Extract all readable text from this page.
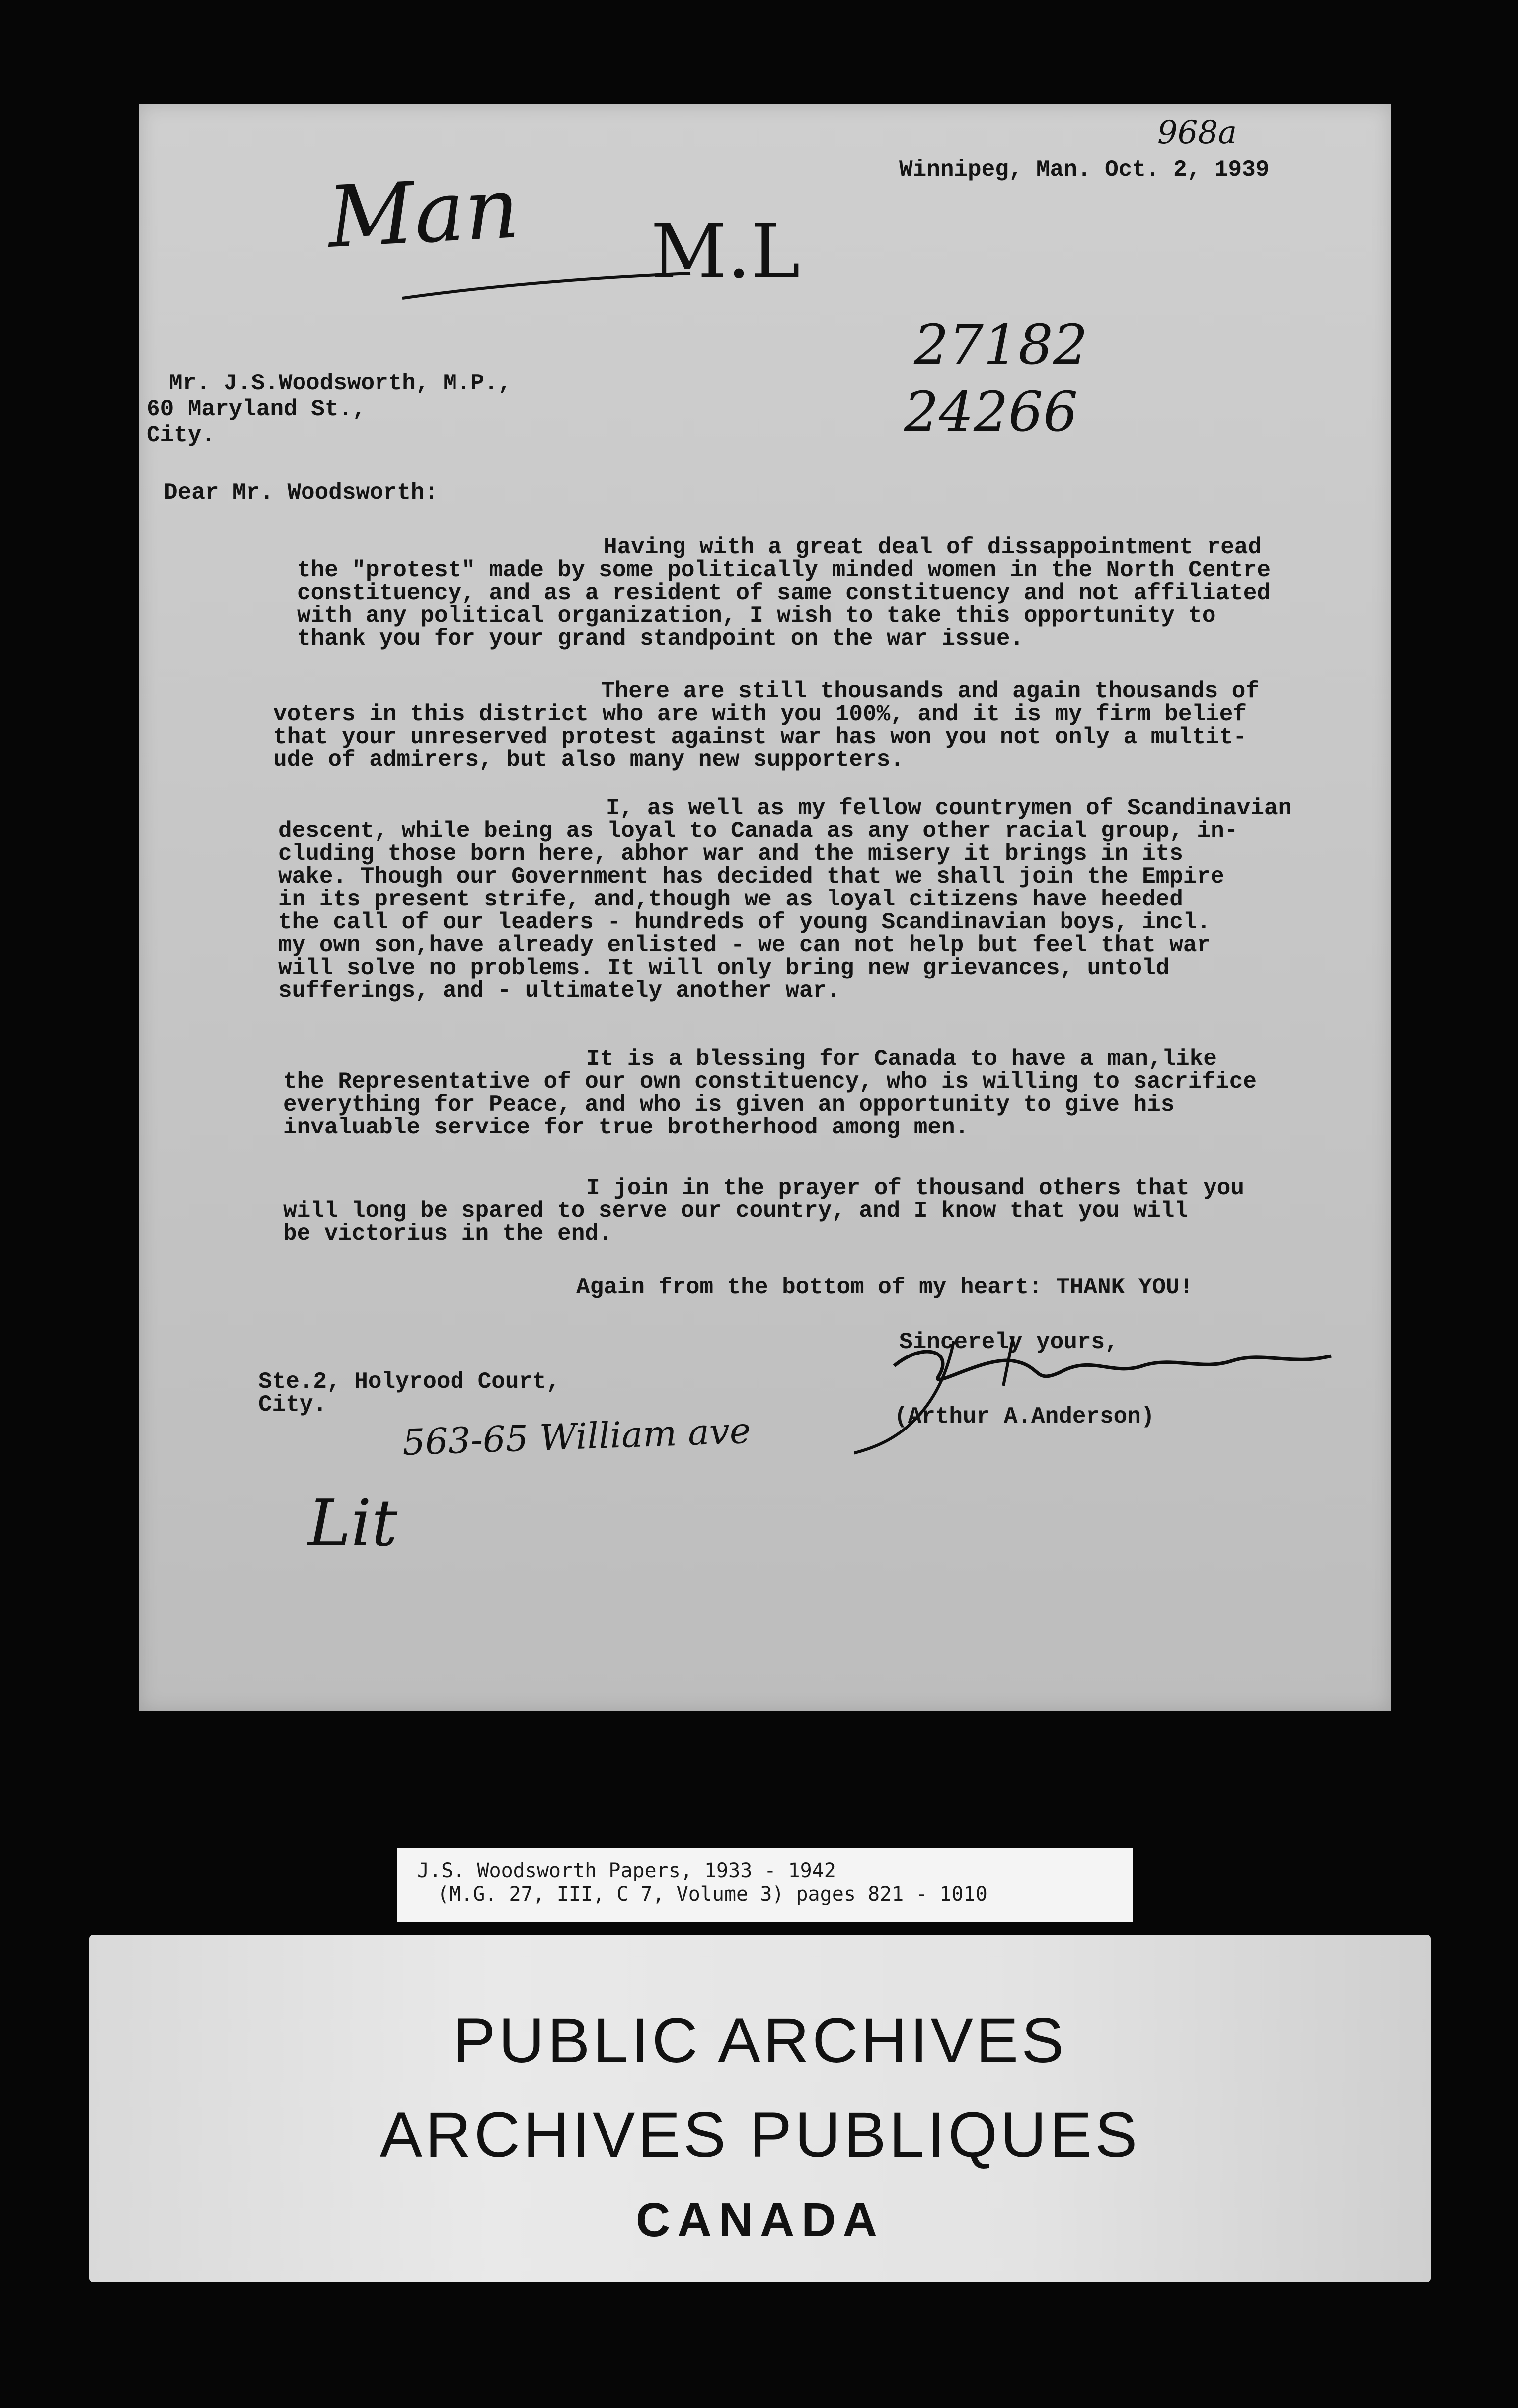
968a
Winnipeg, Man. Oct. 2, 1939
Man M.L
27182
24266
Mr. J.S.Woodsworth, M.P.,
60 Maryland St.,
City.
Dear Mr. Woodsworth:
Having with a great deal of dissappointment read
the "protest" made by some politically minded women in the North Centre
constituency, and as a resident of same constituency and not affiliated
with any political organization, I wish to take this opportunity to
thank you for your grand standpoint on the war issue.
There are still thousands and again thousands of
voters in this district who are with you 100%, and it is my firm belief
that your unreserved protest against war has won you not only a multit-
ude of admirers, but also many new supporters.
I, as well as my fellow countrymen of Scandinavian
descent, while being as loyal to Canada as any other racial group, in-
cluding those born here, abhor war and the misery it brings in its
wake. Though our Government has decided that we shall join the Empire
in its present strife, and,though we as loyal citizens have heeded
the call of our leaders - hundreds of young Scandinavian boys, incl.
my own son,have already enlisted - we can not help but feel that war
will solve no problems. It will only bring new grievances, untold
sufferings, and - ultimately another war.
It is a blessing for Canada to have a man,like
the Representative of our own constituency, who is willing to sacrifice
everything for Peace, and who is given an opportunity to give his
invaluable service for true brotherhood among men.
I join in the prayer of thousand others that you
will long be spared to serve our country, and I know that you will
be victorius in the end.
Again from the bottom of my heart: THANK YOU!
Sincerely yours,
(Arthur A.Anderson)
Ste.2, Holyrood Court,
City.
563-65 William ave
Lit
J.S. Woodsworth Papers, 1933 - 1942
(M.G. 27, III, C 7, Volume 3) pages 821 - 1010
PUBLIC ARCHIVES
ARCHIVES PUBLIQUES
CANADA
